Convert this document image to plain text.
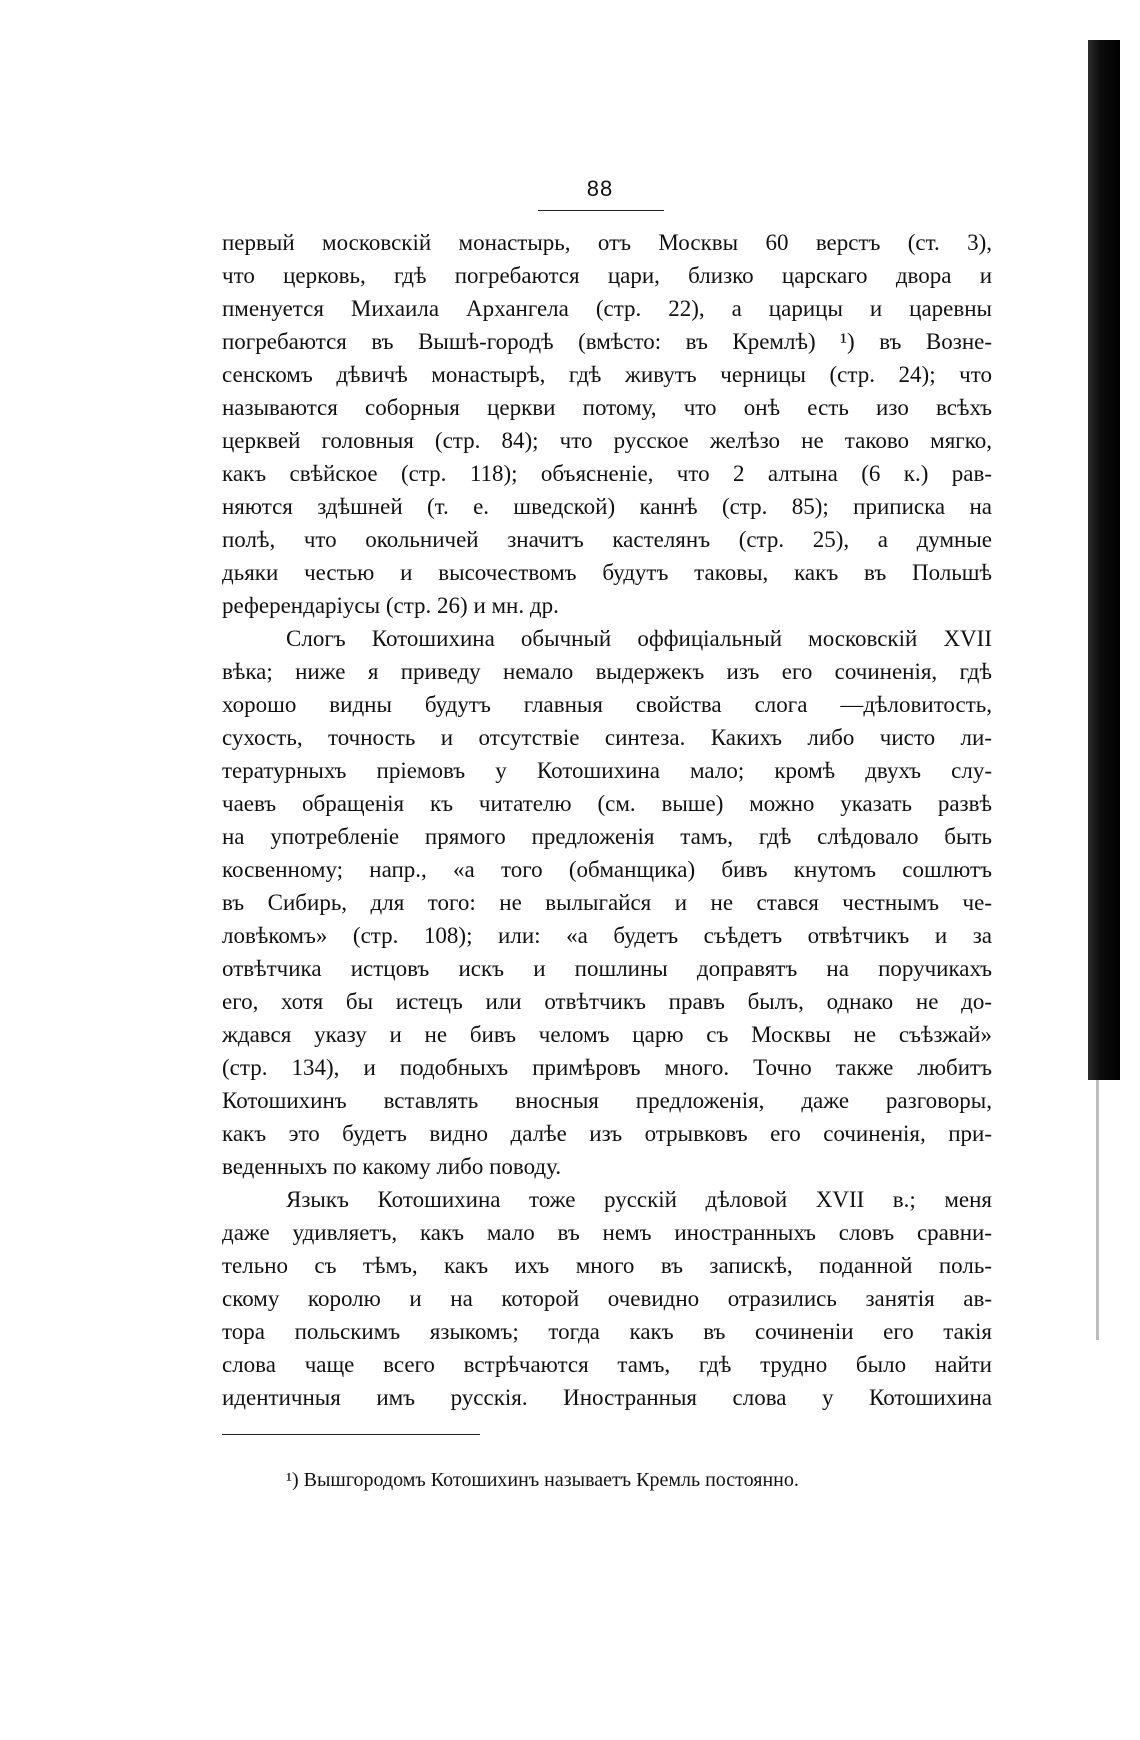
88
первый московскій монастырь, отъ Москвы 60 верстъ (ст. 3),
что церковь, гдѣ погребаются цари, близко царскаго двора и
пменуется Михаила Архангела (стр. 22), а царицы и царевны
погребаются въ Вышѣ-городѣ (вмѣсто: въ Кремлѣ) ¹) въ Возне-
сенскомъ дѣвичѣ монастырѣ, гдѣ живутъ черницы (стр. 24); что
называются соборныя церкви потому, что онѣ есть изо всѣхъ
церквей головныя (стр. 84); что русское желѣзо не таково мягко,
какъ свѣйское (стр. 118); объясненіе, что 2 алтына (6 к.) рав-
няются здѣшней (т. е. шведской) каннѣ (стр. 85); приписка на
полѣ, что окольничей значитъ кастелянъ (стр. 25), а думные
дьяки честью и высочествомъ будутъ таковы, какъ въ Польшѣ
референдаріусы (стр. 26) и мн. др.
Слогъ Котошихина обычный оффиціальный московскій XVII
вѣка; ниже я приведу немало выдержекъ изъ его сочиненія, гдѣ
хорошо видны будутъ главныя свойства слога —дѣловитость,
сухость, точность и отсутствіе синтеза. Какихъ либо чисто ли-
тературныхъ пріемовъ у Котошихина мало; кромѣ двухъ слу-
чаевъ обращенія къ читателю (см. выше) можно указать развѣ
на употребленіе прямого предложенія тамъ, гдѣ слѣдовало быть
косвенному; напр., «а того (обманщика) бивъ кнутомъ сошлютъ
въ Сибирь, для того: не вылыгайся и не стався честнымъ че-
ловѣкомъ» (стр. 108); или: «а будетъ съѣдетъ отвѣтчикъ и за
отвѣтчика истцовъ искъ и пошлины доправятъ на поручикахъ
его, хотя бы истецъ или отвѣтчикъ правъ былъ, однако не до-
ждався указу и не бивъ челомъ царю съ Москвы не съѣзжай»
(стр. 134), и подобныхъ примѣровъ много. Точно также любитъ
Котошихинъ вставлять вносныя предложенія, даже разговоры,
какъ это будетъ видно далѣе изъ отрывковъ его сочиненія, при-
веденныхъ по какому либо поводу.
Языкъ Котошихина тоже русскій дѣловой XVII в.; меня
даже удивляетъ, какъ мало въ немъ иностранныхъ словъ сравни-
тельно съ тѣмъ, какъ ихъ много въ запискѣ, поданной поль-
скому королю и на которой очевидно отразились занятія ав-
тора польскимъ языкомъ; тогда какъ въ сочиненіи его такія
слова чаще всего встрѣчаются тамъ, гдѣ трудно было найти
идентичныя имъ русскія. Иностранныя слова у Котошихина
¹) Вышгородомъ Котошихинъ называетъ Кремль постоянно.
